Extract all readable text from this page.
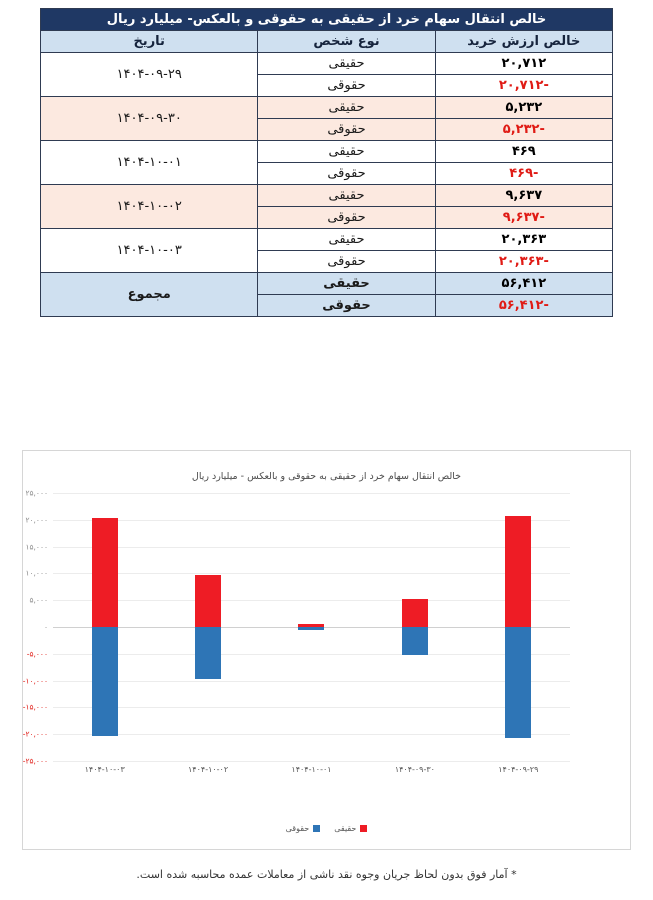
خالص انتقال سهام خرد از حقیقی به حقوقی و بالعکس- میلیارد ریال		
خالص ارزش خرید	نوع شخص	تاریخ
۲۰,۷۱۲	حقیقی	۱۴۰۴-۰۹-۲۹
-۲۰,۷۱۲	حقوقی	
۵,۲۳۲	حقیقی	۱۴۰۴-۰۹-۳۰
-۵,۲۳۲	حقوقی	
۴۶۹	حقیقی	۱۴۰۴-۱۰-۰۱
-۴۶۹	حقوقی	
۹,۶۳۷	حقیقی	۱۴۰۴-۱۰-۰۲
-۹,۶۳۷	حقوقی	
۲۰,۳۶۳	حقیقی	۱۴۰۴-۱۰-۰۳
-۲۰,۳۶۳	حقوقی	
۵۶,۴۱۲	حقیقی	مجموع
-۵۶,۴۱۲	حقوقی	
خالص انتقال سهام خرد از حقیقی به حقوقی و بالعکس - میلیارد ریال
۲۵,۰۰۰
۲۰,۰۰۰
۱۵,۰۰۰
۱۰,۰۰۰
۵,۰۰۰
۰
-۵,۰۰۰
-۱۰,۰۰۰
-۱۵,۰۰۰
-۲۰,۰۰۰
-۲۵,۰۰۰
۱۴۰۴-۰۹-۲۹
۱۴۰۴-۰۹-۳۰
۱۴۰۴-۱۰-۰۱
۱۴۰۴-۱۰-۰۲
۱۴۰۴-۱۰-۰۳
حقیقی
حقوقی
* آمار فوق بدون لحاظ جریان وجوه نقد ناشی از معاملات عمده محاسبه شده است.
